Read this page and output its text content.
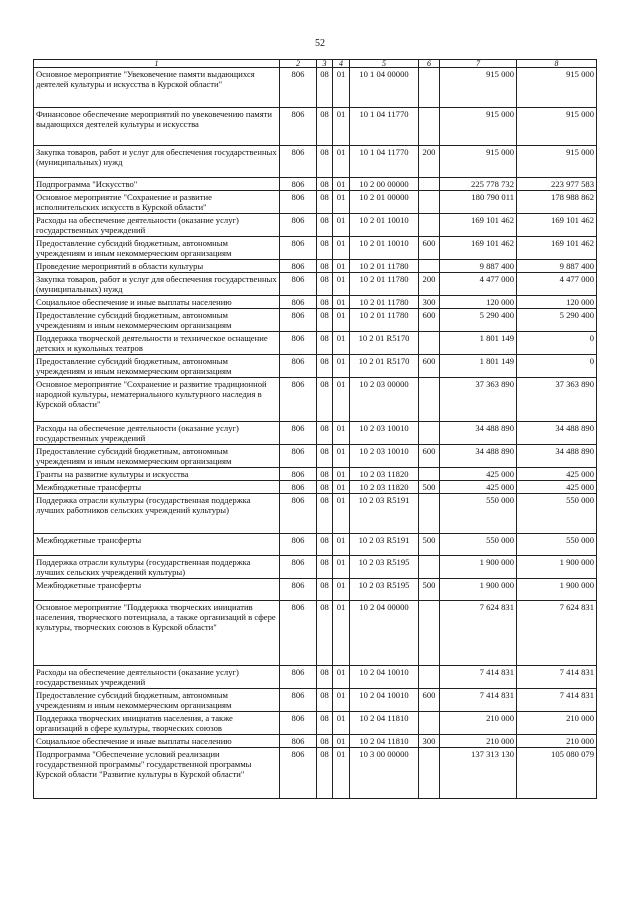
52
1	2	3	4	5	6	7	8
Основное мероприятие "Увековечение памяти выдающихся деятелей культуры и искусства в Курской области"	806	08	01	10 1 04 00000		915 000	915 000
Финансовое обеспечение мероприятий по увековечению памяти выдающихся деятелей культуры и искусства	806	08	01	10 1 04 11770		915 000	915 000
Закупка товаров, работ и услуг для обеспечения государственных (муниципальных) нужд	806	08	01	10 1 04 11770	200	915 000	915 000
Подпрограмма "Искусство"	806	08	01	10 2 00 00000		225 778 732	223 977 583
Основное мероприятие "Сохранение и развитие исполнительских искусств в Курской области"	806	08	01	10 2 01 00000		180 790 011	178 988 862
Расходы на обеспечение деятельности (оказание услуг) государственных учреждений	806	08	01	10 2 01 10010		169 101 462	169 101 462
Предоставление субсидий бюджетным, автономным учреждениям и иным некоммерческим организациям	806	08	01	10 2 01 10010	600	169 101 462	169 101 462
Проведение мероприятий в области культуры	806	08	01	10 2 01 11780		9 887 400	9 887 400
Закупка товаров, работ и услуг для обеспечения государственных (муниципальных) нужд	806	08	01	10 2 01 11780	200	4 477 000	4 477 000
Социальное обеспечение и иные выплаты населению	806	08	01	10 2 01 11780	300	120 000	120 000
Предоставление субсидий бюджетным, автономным учреждениям и иным некоммерческим организациям	806	08	01	10 2 01 11780	600	5 290 400	5 290 400
Поддержка творческой деятельности и техническое оснащение детских и кукольных театров	806	08	01	10 2 01 R5170		1 801 149	0
Предоставление субсидий бюджетным, автономным учреждениям и иным некоммерческим организациям	806	08	01	10 2 01 R5170	600	1 801 149	0
Основное мероприятие "Сохранение и развитие традиционной народной культуры, нематериального культурного наследия в Курской области"	806	08	01	10 2 03 00000		37 363 890	37 363 890
Расходы на обеспечение деятельности (оказание услуг) государственных учреждений	806	08	01	10 2 03 10010		34 488 890	34 488 890
Предоставление субсидий бюджетным, автономным учреждениям и иным некоммерческим организациям	806	08	01	10 2 03 10010	600	34 488 890	34 488 890
Гранты на развитие культуры и искусства	806	08	01	10 2 03 11820		425 000	425 000
Межбюджетные трансферты	806	08	01	10 2 03 11820	500	425 000	425 000
Поддержка отрасли культуры (государственная поддержка лучших работников сельских учреждений культуры)	806	08	01	10 2 03 R5191		550 000	550 000
Межбюджетные трансферты	806	08	01	10 2 03 R5191	500	550 000	550 000
Поддержка отрасли культуры (государственная поддержка лучших сельских учреждений культуры)	806	08	01	10 2 03 R5195		1 900 000	1 900 000
Межбюджетные трансферты	806	08	01	10 2 03 R5195	500	1 900 000	1 900 000
Основное мероприятие "Поддержка творческих инициатив населения, творческого потенциала, а также организаций в сфере культуры, творческих союзов в Курской области"	806	08	01	10 2 04 00000		7 624 831	7 624 831
Расходы на обеспечение деятельности (оказание услуг) государственных учреждений	806	08	01	10 2 04 10010		7 414 831	7 414 831
Предоставление субсидий бюджетным, автономным учреждениям и иным некоммерческим организациям	806	08	01	10 2 04 10010	600	7 414 831	7 414 831
Поддержка творческих инициатив населения, а также организаций в сфере культуры, творческих союзов	806	08	01	10 2 04 11810		210 000	210 000
Социальное обеспечение и иные выплаты населению	806	08	01	10 2 04 11810	300	210 000	210 000
Подпрограмма "Обеспечение условий реализации государственной программы" государственной программы Курской области "Развитие культуры в Курской области"	806	08	01	10 3 00 00000		137 313 130	105 080 079
